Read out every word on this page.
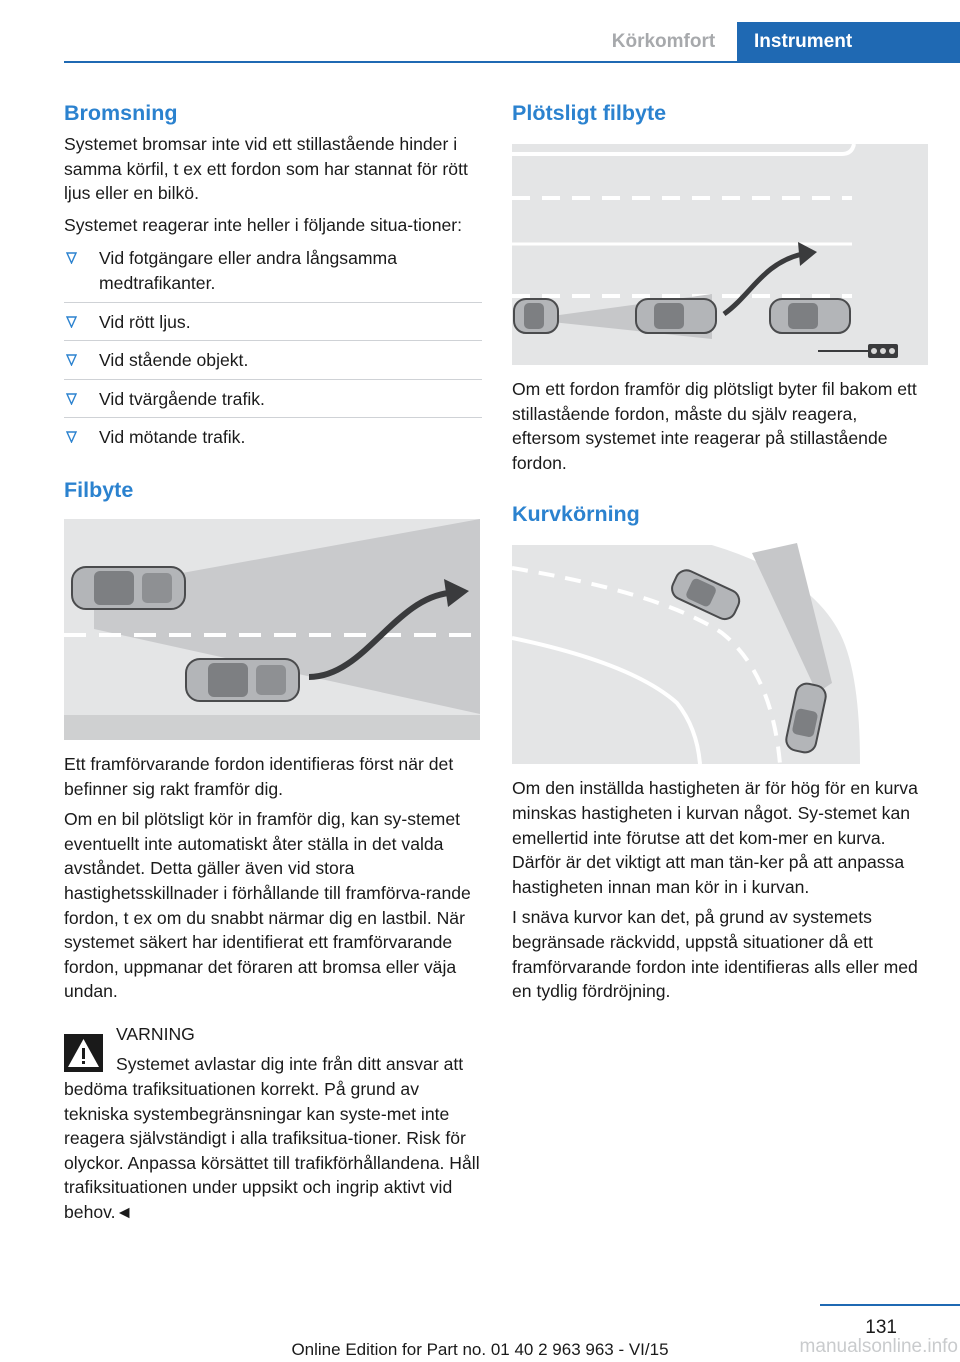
Körkomfort	Instrument
Bromsning

Systemet bromsar inte vid ett stillastående hinder i samma körfil, t ex ett fordon som har stannat för rött ljus eller en bilkö.

Systemet reagerar inte heller i följande situa-tioner:

Vid fotgängare eller andra långsamma medtrafikanter.
Vid rött ljus.
Vid stående objekt.
Vid tvärgående trafik.
Vid mötande trafik.
Filbyte

Ett framförvarande fordon identifieras först när det befinner sig rakt framför dig.

Om en bil plötsligt kör in framför dig, kan sy-stemet eventuellt inte automatiskt åter ställa in det valda avståndet. Detta gäller även vid stora hastighetsskillnader i förhållande till framförva-rande fordon, t ex om du snabbt närmar dig en lastbil. När systemet säkert har identifierat ett framförvarande fordon, uppmanar det föraren att bromsa eller väja undan.

VARNING

Systemet avlastar dig inte från ditt ansvar att bedöma trafiksituationen korrekt. På grund av tekniska systembegränsningar kan syste-met inte reagera självständigt i alla trafiksitua-tioner. Risk för olyckor. Anpassa körsättet till trafikförhållandena. Håll trafiksituationen under uppsikt och ingrip aktivt vid behov.◄

Plötsligt filbyte

Om ett fordon framför dig plötsligt byter fil bakom ett stillastående fordon, måste du själv reagera, eftersom systemet inte reagerar på stillastående fordon.

Kurvkörning

Om den inställda hastigheten är för hög för en kurva minskas hastigheten i kurvan något. Sy-stemet kan emellertid inte förutse att det kom-mer en kurva. Därför är det viktigt att man tän-ker på att anpassa hastigheten innan man kör in i kurvan.

I snäva kurvor kan det, på grund av systemets begränsade räckvidd, uppstå situationer då ett framförvarande fordon inte identifieras alls eller med en tydlig fördröjning.

131
Online Edition for Part no. 01 40 2 963 963 - VI/15	manualsonline.info
